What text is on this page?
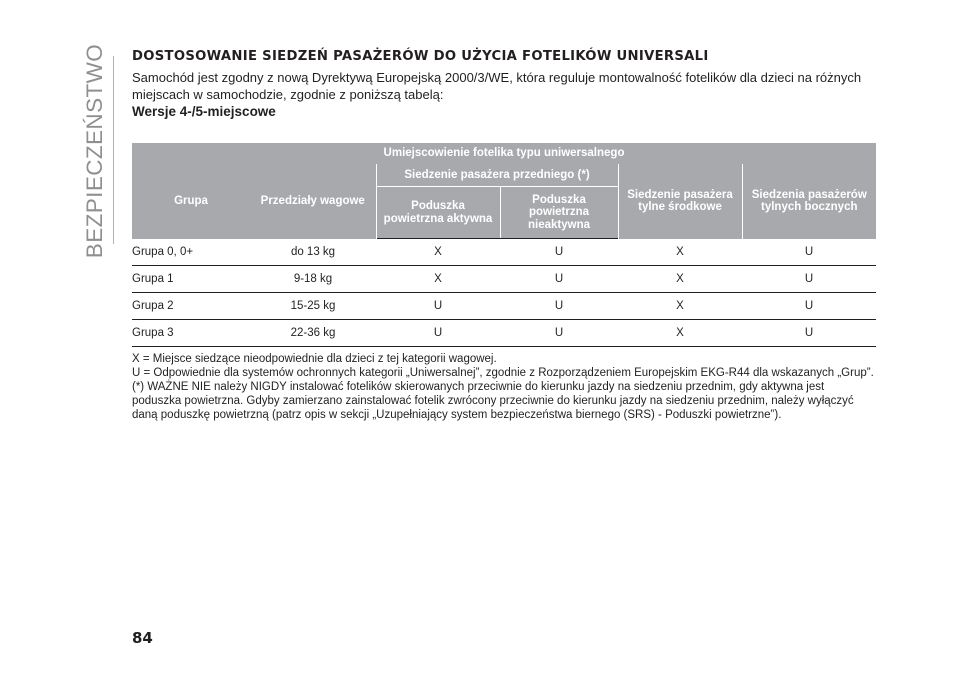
BEZPIECZEŃSTWO DOSTOSOWANIE SIEDZEŃ PASAŻERÓW DO UŻYCIA FOTELIKÓW UNIVERSALI

Samochód jest zgodny z nową Dyrektywą Europejską 2000/3/WE, która reguluje montowalność fotelików dla dzieci na różnych miejscach w samochodzie, zgodnie z poniższą tabelą:

Wersje 4-/5-miejscowe

Umiejscowienie fotelika typu uniwersalnego					
Grupa	Przedziały wagowe	Siedzenie pasażera przedniego (*)		Siedzenie pasażera tylne środkowe	Siedzenia pasażerów tylnych bocznych
		Poduszka powietrzna aktywna	Poduszka powietrzna nieaktywna		
Grupa 0, 0+	do 13 kg	X	U	X	U
Grupa 1	9-18 kg	X	U	X	U
Grupa 2	15-25 kg	U	U	X	U
Grupa 3	22-36 kg	U	U	X	U

X = Miejsce siedzące nieodpowiednie dla dzieci z tej kategorii wagowej.

U = Odpowiednie dla systemów ochronnych kategorii „Uniwersalnej”, zgodnie z Rozporządzeniem Europejskim EKG-R44 dla wskazanych „Grup”.

(*) WAŻNE NIE należy NIGDY instalować fotelików skierowanych przeciwnie do kierunku jazdy na siedzeniu przednim, gdy aktywna jest poduszka powietrzna. Gdyby zamierzano zainstalować fotelik zwrócony przeciwnie do kierunku jazdy na siedzeniu przednim, należy wyłączyć daną poduszkę powietrzną (patrz opis w sekcji „Uzupełniający system bezpieczeństwa biernego (SRS) - Poduszki powietrzne”).

84
